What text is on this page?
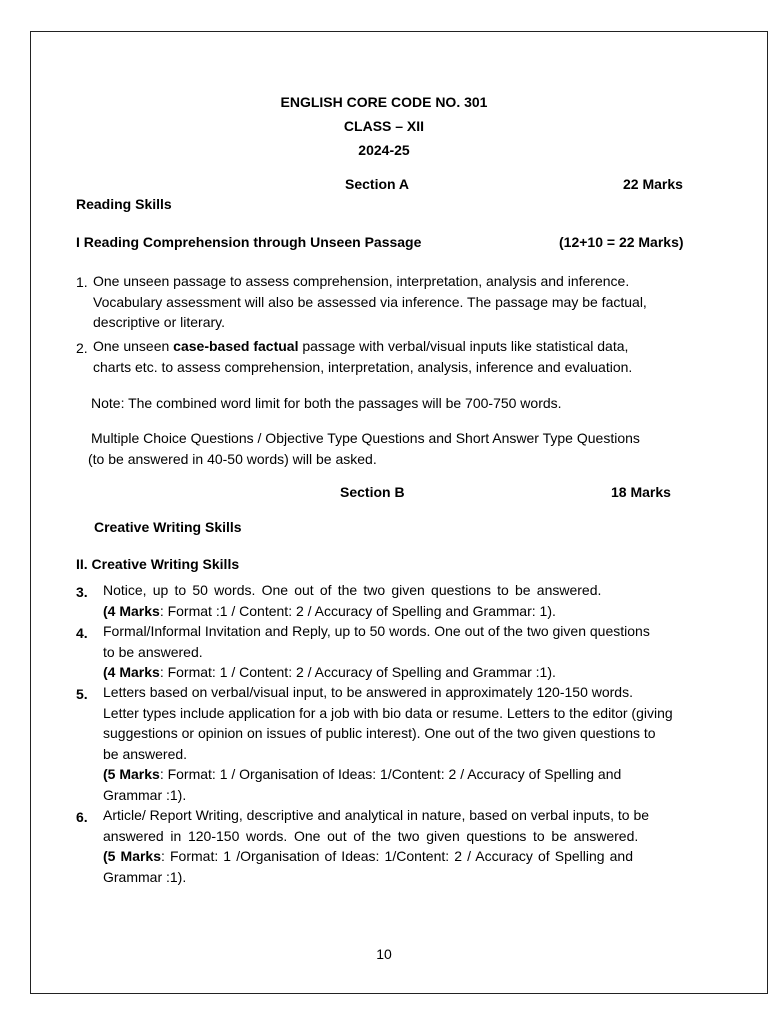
ENGLISH CORE CODE NO. 301
CLASS – XII
2024-25
Section A	22 Marks
Reading Skills
I Reading Comprehension through Unseen Passage	(12+10 = 22 Marks)
1. One unseen passage to assess comprehension, interpretation, analysis and inference.
Vocabulary assessment will also be assessed via inference. The passage may be factual,
descriptive or literary.
2. One unseen case-based factual passage with verbal/visual inputs like statistical data,
charts etc. to assess comprehension, interpretation, analysis, inference and evaluation.
Note: The combined word limit for both the passages will be 700-750 words.
Multiple Choice Questions / Objective Type Questions and Short Answer Type Questions
(to be answered in 40-50 words) will be asked.
Section B	18 Marks
Creative Writing Skills
II. Creative Writing Skills
3. Notice, up to 50 words. One out of the two given questions to be answered.
(4 Marks: Format :1 / Content: 2 / Accuracy of Spelling and Grammar: 1).
4. Formal/Informal Invitation and Reply, up to 50 words. One out of the two given questions
to be answered.
(4 Marks: Format: 1 / Content: 2 / Accuracy of Spelling and Grammar :1).
5. Letters based on verbal/visual input, to be answered in approximately 120-150 words.
Letter types include application for a job with bio data or resume. Letters to the editor (giving
suggestions or opinion on issues of public interest). One out of the two given questions to
be answered.
(5 Marks: Format: 1 / Organisation of Ideas: 1/Content: 2 / Accuracy of Spelling and
Grammar :1).
6. Article/ Report Writing, descriptive and analytical in nature, based on verbal inputs, to be
answered in 120-150 words. One out of the two given questions to be answered.
(5 Marks: Format: 1 /Organisation of Ideas: 1/Content: 2 / Accuracy of Spelling and
Grammar :1).
10
